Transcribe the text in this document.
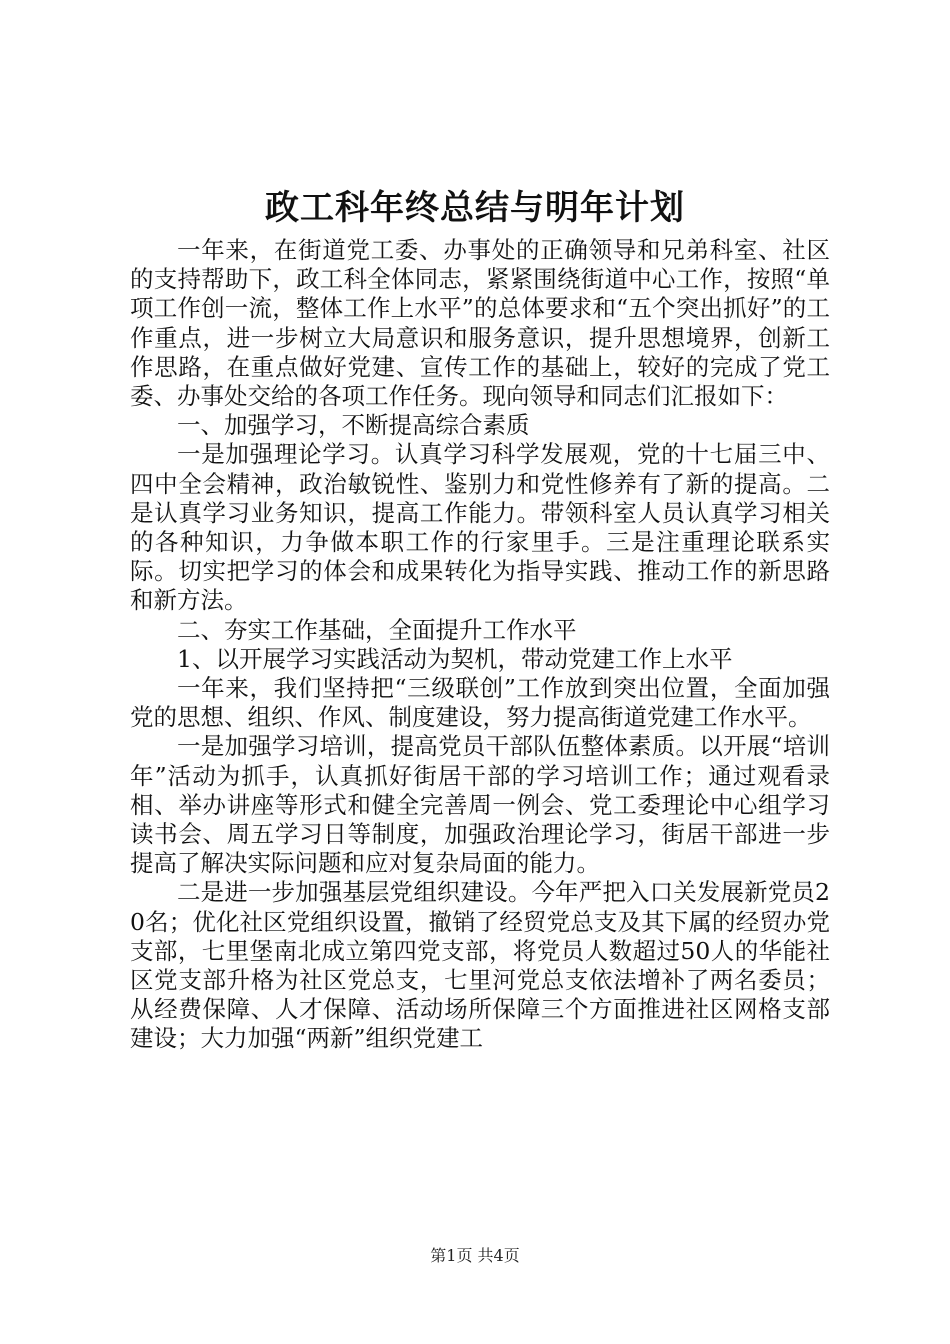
政工科年终总结与明年计划

一年来，在街道党工委、办事处的正确领导和兄弟科室、社区的支持帮助下，政工科全体同志，紧紧围绕街道中心工作，按照“单项工作创一流，整体工作上水平”的总体要求和“五个突出抓好”的工作重点，进一步树立大局意识和服务意识，提升思想境界，创新工作思路，在重点做好党建、宣传工作的基础上，较好的完成了党工委、办事处交给的各项工作任务。现向领导和同志们汇报如下：

一、加强学习，不断提高综合素质

一是加强理论学习。认真学习科学发展观，党的十七届三中、四中全会精神，政治敏锐性、鉴别力和党性修养有了新的提高。二是认真学习业务知识，提高工作能力。带领科室人员认真学习相关的各种知识，力争做本职工作的行家里手。三是注重理论联系实际。切实把学习的体会和成果转化为指导实践、推动工作的新思路和新方法。

二、夯实工作基础，全面提升工作水平

1、以开展学习实践活动为契机，带动党建工作上水平

一年来，我们坚持把“三级联创”工作放到突出位置，全面加强党的思想、组织、作风、制度建设，努力提高街道党建工作水平。

一是加强学习培训，提高党员干部队伍整体素质。以开展“培训年”活动为抓手，认真抓好街居干部的学习培训工作；通过观看录相、举办讲座等形式和健全完善周一例会、党工委理论中心组学习读书会、周五学习日等制度，加强政治理论学习，街居干部进一步提高了解决实际问题和应对复杂局面的能力。

二是进一步加强基层党组织建设。今年严把入口关发展新党员20名；优化社区党组织设置，撤销了经贸党总支及其下属的经贸办党支部，七里堡南北成立第四党支部，将党员人数超过50人的华能社区党支部升格为社区党总支，七里河党总支依法增补了两名委员；从经费保障、人才保障、活动场所保障三个方面推进社区网格支部建设；大力加强“两新”组织党建工

第1页 共4页
